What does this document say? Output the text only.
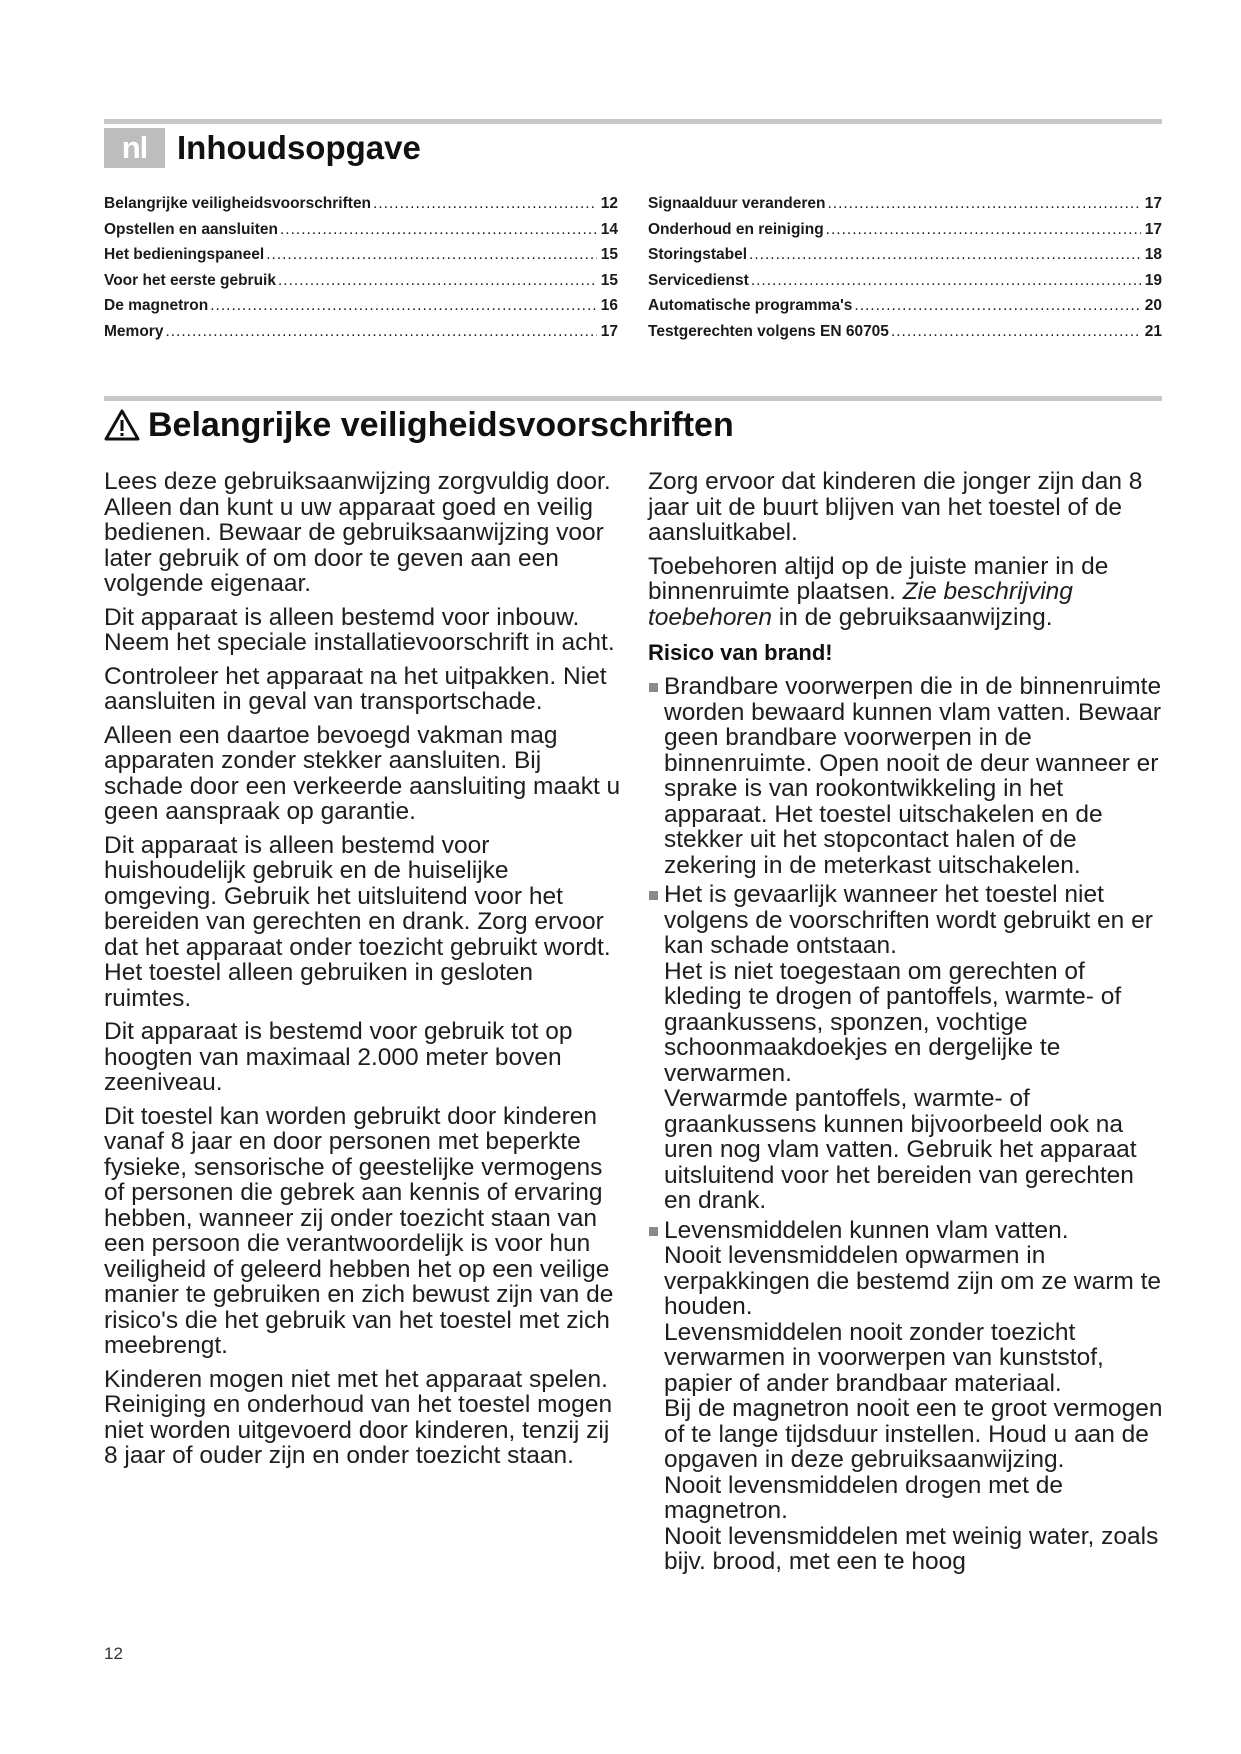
nl Inhoudsopgave
Belangrijke veiligheidsvoorschriften .....	12
Opstellen en aansluiten .....	14
Het bedieningspaneel .....	15
Voor het eerste gebruik .....	15
De magnetron .....	16
Memory .....	17
Signaalduur veranderen .....	17
Onderhoud en reiniging .....	17
Storingstabel .....	18
Servicedienst .....	19
Automatische programma's .....	20
Testgerechten volgens EN 60705 .....	21
Belangrijke veiligheidsvoorschriften

Lees deze gebruiksaanwijzing zorgvuldig door. Alleen dan kunt u uw apparaat goed en veilig bedienen. Bewaar de gebruiksaanwijzing voor later gebruik of om door te geven aan een volgende eigenaar.

Dit apparaat is alleen bestemd voor inbouw. Neem het speciale installatievoorschrift in acht.

Controleer het apparaat na het uitpakken. Niet aansluiten in geval van transportschade.

Alleen een daartoe bevoegd vakman mag apparaten zonder stekker aansluiten. Bij schade door een verkeerde aansluiting maakt u geen aanspraak op garantie.

Dit apparaat is alleen bestemd voor huishoudelijk gebruik en de huiselijke omgeving. Gebruik het uitsluitend voor het bereiden van gerechten en drank. Zorg ervoor dat het apparaat onder toezicht gebruikt wordt. Het toestel alleen gebruiken in gesloten ruimtes.

Dit apparaat is bestemd voor gebruik tot op hoogten van maximaal 2.000 meter boven zeeniveau.

Dit toestel kan worden gebruikt door kinderen vanaf 8 jaar en door personen met beperkte fysieke, sensorische of geestelijke vermogens of personen die gebrek aan kennis of ervaring hebben, wanneer zij onder toezicht staan van een persoon die verantwoordelijk is voor hun veiligheid of geleerd hebben het op een veilige manier te gebruiken en zich bewust zijn van de risico's die het gebruik van het toestel met zich meebrengt.

Kinderen mogen niet met het apparaat spelen. Reiniging en onderhoud van het toestel mogen niet worden uitgevoerd door kinderen, tenzij zij 8 jaar of ouder zijn en onder toezicht staan.

Zorg ervoor dat kinderen die jonger zijn dan 8 jaar uit de buurt blijven van het toestel of de aansluitkabel.

Toebehoren altijd op de juiste manier in de binnenruimte plaatsen. Zie beschrijving toebehoren in de gebruiksaanwijzing.

Risico van brand!

Brandbare voorwerpen die in de binnenruimte worden bewaard kunnen vlam vatten. Bewaar geen brandbare voorwerpen in de binnenruimte. Open nooit de deur wanneer er sprake is van rookontwikkeling in het apparaat. Het toestel uitschakelen en de stekker uit het stopcontact halen of de zekering in de meterkast uitschakelen.

Het is gevaarlijk wanneer het toestel niet volgens de voorschriften wordt gebruikt en er kan schade ontstaan.

Het is niet toegestaan om gerechten of kleding te drogen of pantoffels, warmte- of graankussens, sponzen, vochtige schoonmaakdoekjes en dergelijke te verwarmen.

Verwarmde pantoffels, warmte- of graankussens kunnen bijvoorbeeld ook na uren nog vlam vatten. Gebruik het apparaat uitsluitend voor het bereiden van gerechten en drank.

Levensmiddelen kunnen vlam vatten.

Nooit levensmiddelen opwarmen in verpakkingen die bestemd zijn om ze warm te houden.

Levensmiddelen nooit zonder toezicht verwarmen in voorwerpen van kunststof, papier of ander brandbaar materiaal.

Bij de magnetron nooit een te groot vermogen of te lange tijdsduur instellen. Houd u aan de opgaven in deze gebruiksaanwijzing.

Nooit levensmiddelen drogen met de magnetron.

Nooit levensmiddelen met weinig water, zoals bijv. brood, met een te hoog

12
